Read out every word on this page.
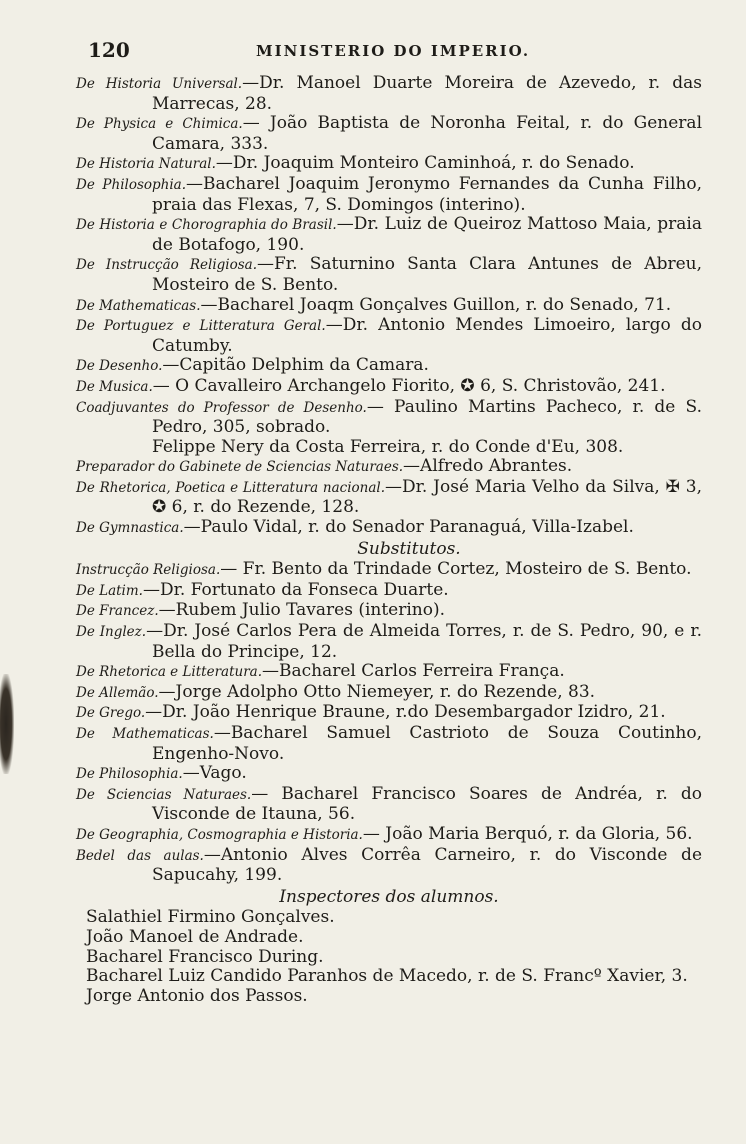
120	MINISTERIO DO IMPERIO.
De Historia Universal.—Dr. Manoel Duarte Moreira de Azevedo, r. das Marrecas, 28.
De Physica e Chimica.— João Baptista de Noronha Feital, r. do General Camara, 333.
De Historia Natural.—Dr. Joaquim Monteiro Caminhoá, r. do Senado.
De Philosophia.—Bacharel Joaquim Jeronymo Fernandes da Cunha Filho, praia das Flexas, 7, S. Domingos (interino).
De Historia e Chorographia do Brasil.—Dr. Luiz de Queiroz Mattoso Maia, praia de Botafogo, 190.
De Instrucção Religiosa.—Fr. Saturnino Santa Clara Antunes de Abreu, Mosteiro de S. Bento.
De Mathematicas.—Bacharel Joaqm Gonçalves Guillon, r. do Senado, 71.
De Portuguez e Litteratura Geral.—Dr. Antonio Mendes Limoeiro, largo do Catumby.
De Desenho.—Capitão Delphim da Camara.
De Musica.— O Cavalleiro Archangelo Fiorito, ✪ 6, S. Christovão, 241.
Coadjuvantes do Professor de Desenho.— Paulino Martins Pacheco, r. de S. Pedro, 305, sobrado.
Felippe Nery da Costa Ferreira, r. do Conde d'Eu, 308.
Preparador do Gabinete de Sciencias Naturaes.—Alfredo Abrantes.
De Rhetorica, Poetica e Litteratura nacional.—Dr. José Maria Velho da Silva, ✠ 3, ✪ 6, r. do Rezende, 128.
De Gymnastica.—Paulo Vidal, r. do Senador Paranaguá, Villa-Izabel.
Substitutos.
Instrucção Religiosa.— Fr. Bento da Trindade Cortez, Mosteiro de S. Bento.
De Latim.—Dr. Fortunato da Fonseca Duarte.
De Francez.—Rubem Julio Tavares (interino).
De Inglez.—Dr. José Carlos Pera de Almeida Torres, r. de S. Pedro, 90, e r. Bella do Principe, 12.
De Rhetorica e Litteratura.—Bacharel Carlos Ferreira França.
De Allemão.—Jorge Adolpho Otto Niemeyer, r. do Rezende, 83.
De Grego.—Dr. João Henrique Braune, r.do Desembargador Izidro, 21.
De Mathematicas.—Bacharel Samuel Castrioto de Souza Coutinho, Engenho-Novo.
De Philosophia.—Vago.
De Sciencias Naturaes.— Bacharel Francisco Soares de Andréa, r. do Visconde de Itauna, 56.
De Geographia, Cosmographia e Historia.— João Maria Berquó, r. da Gloria, 56.
Bedel das aulas.—Antonio Alves Corrêa Carneiro, r. do Visconde de Sapucahy, 199.
Inspectores dos alumnos.
Salathiel Firmino Gonçalves.
João Manoel de Andrade.
Bacharel Francisco During.
Bacharel Luiz Candido Paranhos de Macedo, r. de S. Francº Xavier, 3.
Jorge Antonio dos Passos.
